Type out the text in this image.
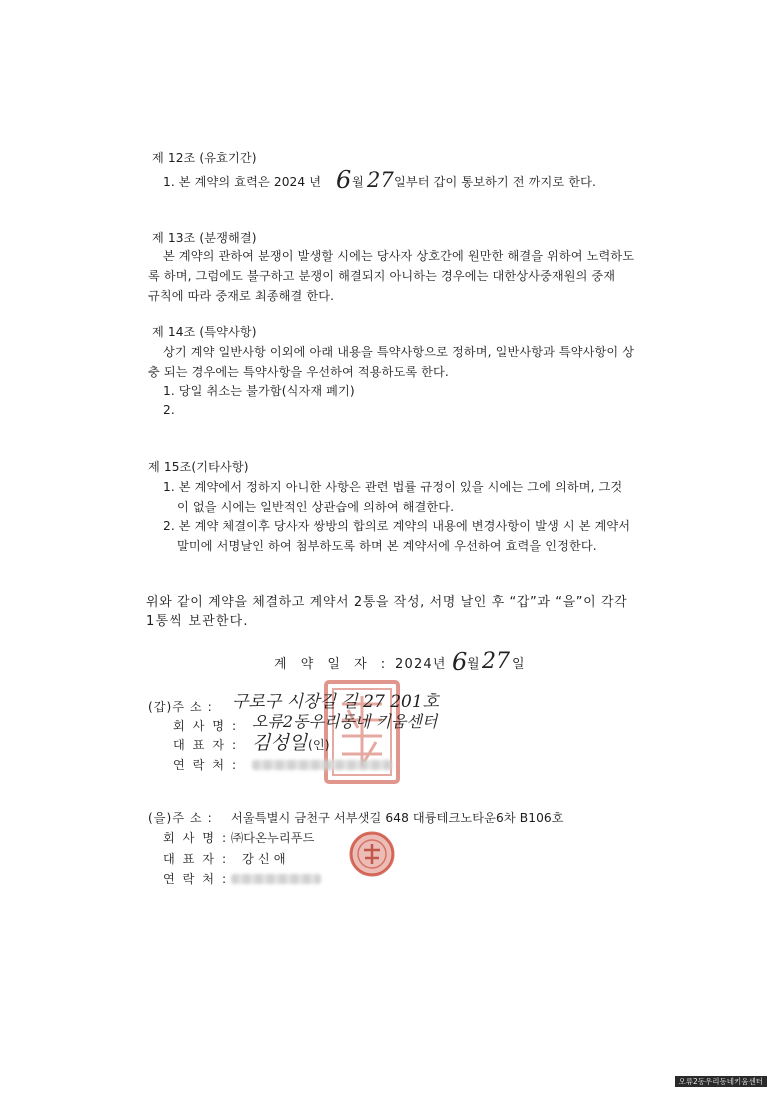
제 12조 (유효기간)
1. 본 계약의 효력은 2024 년 6 월 27 일부터 갑이 통보하기 전 까지로 한다.
제 13조 (분쟁해결)
본 계약의 관하여 분쟁이 발생할 시에는 당사자 상호간에 원만한 해결을 위하여 노력하도
록 하며, 그럼에도 불구하고 분쟁이 해결되지 아니하는 경우에는 대한상사중재원의 중재
규칙에 따라 중재로 최종해결 한다.
제 14조 (특약사항)
상기 계약 일반사항 이외에 아래 내용을 특약사항으로 정하며, 일반사항과 특약사항이 상
충 되는 경우에는 특약사항을 우선하여 적용하도록 한다.
1. 당일 취소는 불가함(식자재 폐기)
2.
제 15조(기타사항)
1. 본 계약에서 정하지 아니한 사항은 관련 법률 규정이 있을 시에는 그에 의하며, 그것
이 없을 시에는 일반적인 상관습에 의하여 해결한다.
2. 본 계약 체결이후 당사자 쌍방의 합의로 계약의 내용에 변경사항이 발생 시 본 계약서
말미에 서명날인 하여 첨부하도록 하며 본 계약서에 우선하여 효력을 인정한다.
위와 같이 계약을 체결하고 계약서 2통을 작성, 서명 날인 후 “갑”과 “을”이 각각
1통씩 보관한다.
계 약 일 자 : 2024년 6 월 27 일
(갑)주 소 : 구로구 시장길 길 27 201호
회 사 명 : 오류2동우리동네 키움센터
대 표 자 : 김성일 (인)
연 락 처 :
(을)주 소 : 서울특별시 금천구 서부샛길 648 대륭테크노타운6차 B106호
회 사 명 : ㈜다온누리푸드
대 표 자 : 강 신 애
연 락 처 :
오류2동우리동네키움센터
